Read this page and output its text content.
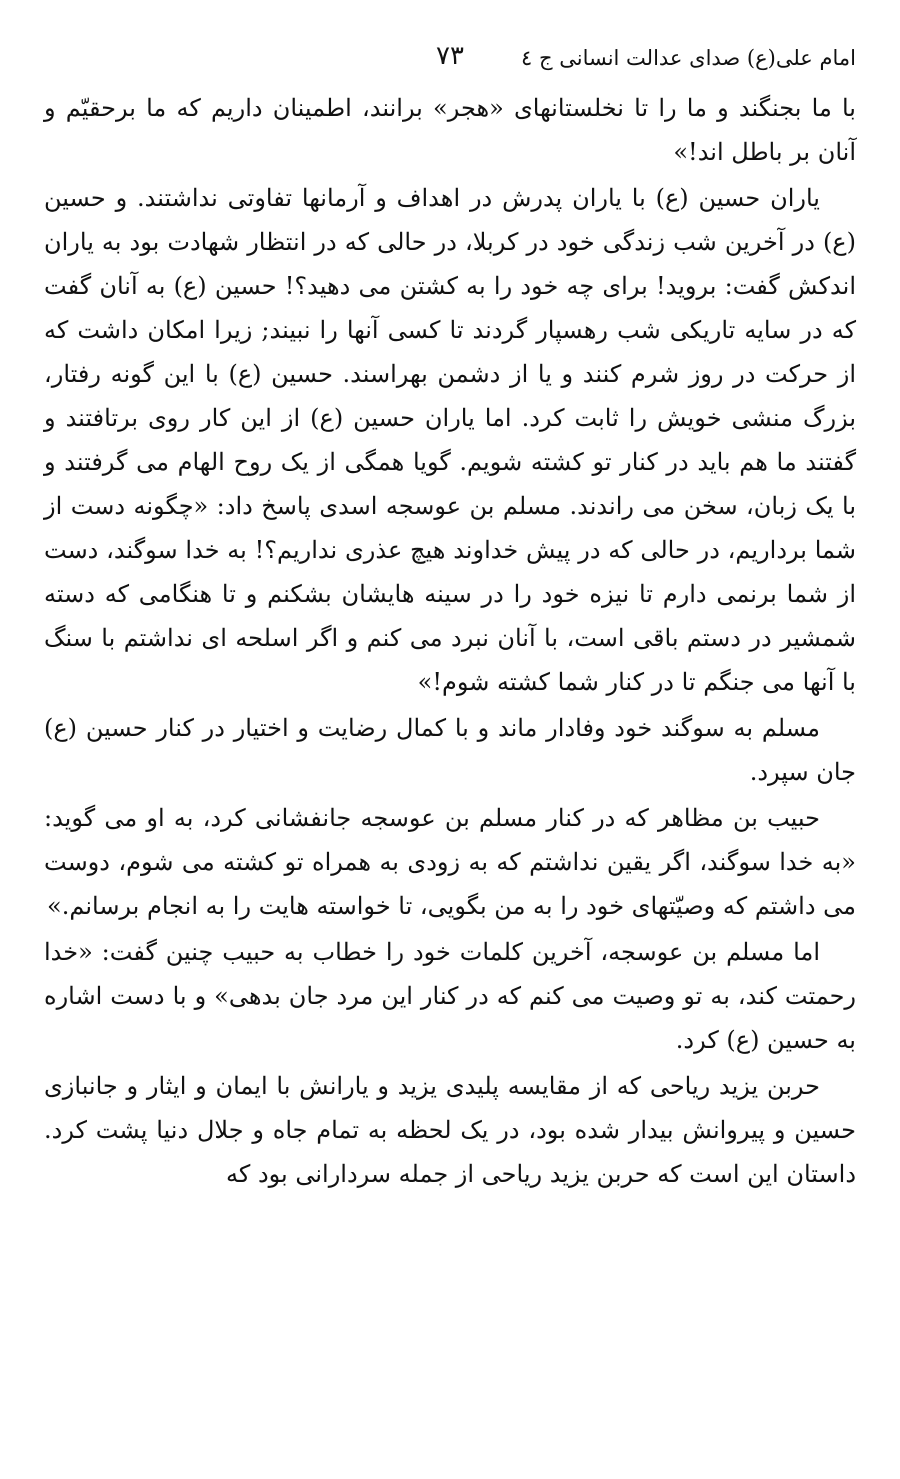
امام علی(ع) صدای عدالت انسانی ج ٤
٧٣

با ما بجنگند و ما را تا نخلستانهای «هجر» برانند، اطمینان داریم که ما برحقیّم و آنان بر باطل اند!»

یاران حسین (ع) با یاران پدرش در اهداف و آرمانها تفاوتی نداشتند. و حسین (ع) در آخرین شب زندگی خود در کربلا، در حالی که در انتظار شهادت بود به یاران اندکش گفت: بروید! برای چه خود را به کشتن می دهید؟! حسین (ع) به آنان گفت که در سایه تاریکی شب رهسپار گردند تا کسی آنها را نبیند; زیرا امکان داشت که از حرکت در روز شرم کنند و یا از دشمن بهراسند. حسین (ع) با این گونه رفتار، بزرگ منشی خویش را ثابت کرد. اما یاران حسین (ع) از این کار روی برتافتند و گفتند ما هم باید در کنار تو کشته شویم. گویا همگی از یک روح الهام می گرفتند و با یک زبان، سخن می راندند. مسلم بن عوسجه اسدی پاسخ داد: «چگونه دست از شما برداریم، در حالی که در پیش خداوند هیچ عذری نداریم؟! به خدا سوگند، دست از شما برنمی دارم تا نیزه خود را در سینه هایشان بشکنم و تا هنگامی که دسته شمشیر در دستم باقی است، با آنان نبرد می کنم و اگر اسلحه ای نداشتم با سنگ با آنها می جنگم تا در کنار شما کشته شوم!»

مسلم به سوگند خود وفادار ماند و با کمال رضایت و اختیار در کنار حسین (ع) جان سپرد.

حبیب بن مظاهر که در کنار مسلم بن عوسجه جانفشانی کرد، به او می گوید: «به خدا سوگند، اگر یقین نداشتم که به زودی به همراه تو کشته می شوم، دوست می داشتم که وصیّتهای خود را به من بگویی، تا خواسته هایت را به انجام برسانم.»

اما مسلم بن عوسجه، آخرین کلمات خود را خطاب به حبیب چنین گفت: «خدا رحمتت کند، به تو وصیت می کنم که در کنار این مرد جان بدهی» و با دست اشاره به حسین (ع) کرد.

حربن یزید ریاحی که از مقایسه پلیدی یزید و یارانش با ایمان و ایثار و جانبازی حسین و پیروانش بیدار شده بود، در یک لحظه به تمام جاه و جلال دنیا پشت کرد. داستان این است که حربن یزید ریاحی از جمله سردارانی بود که
